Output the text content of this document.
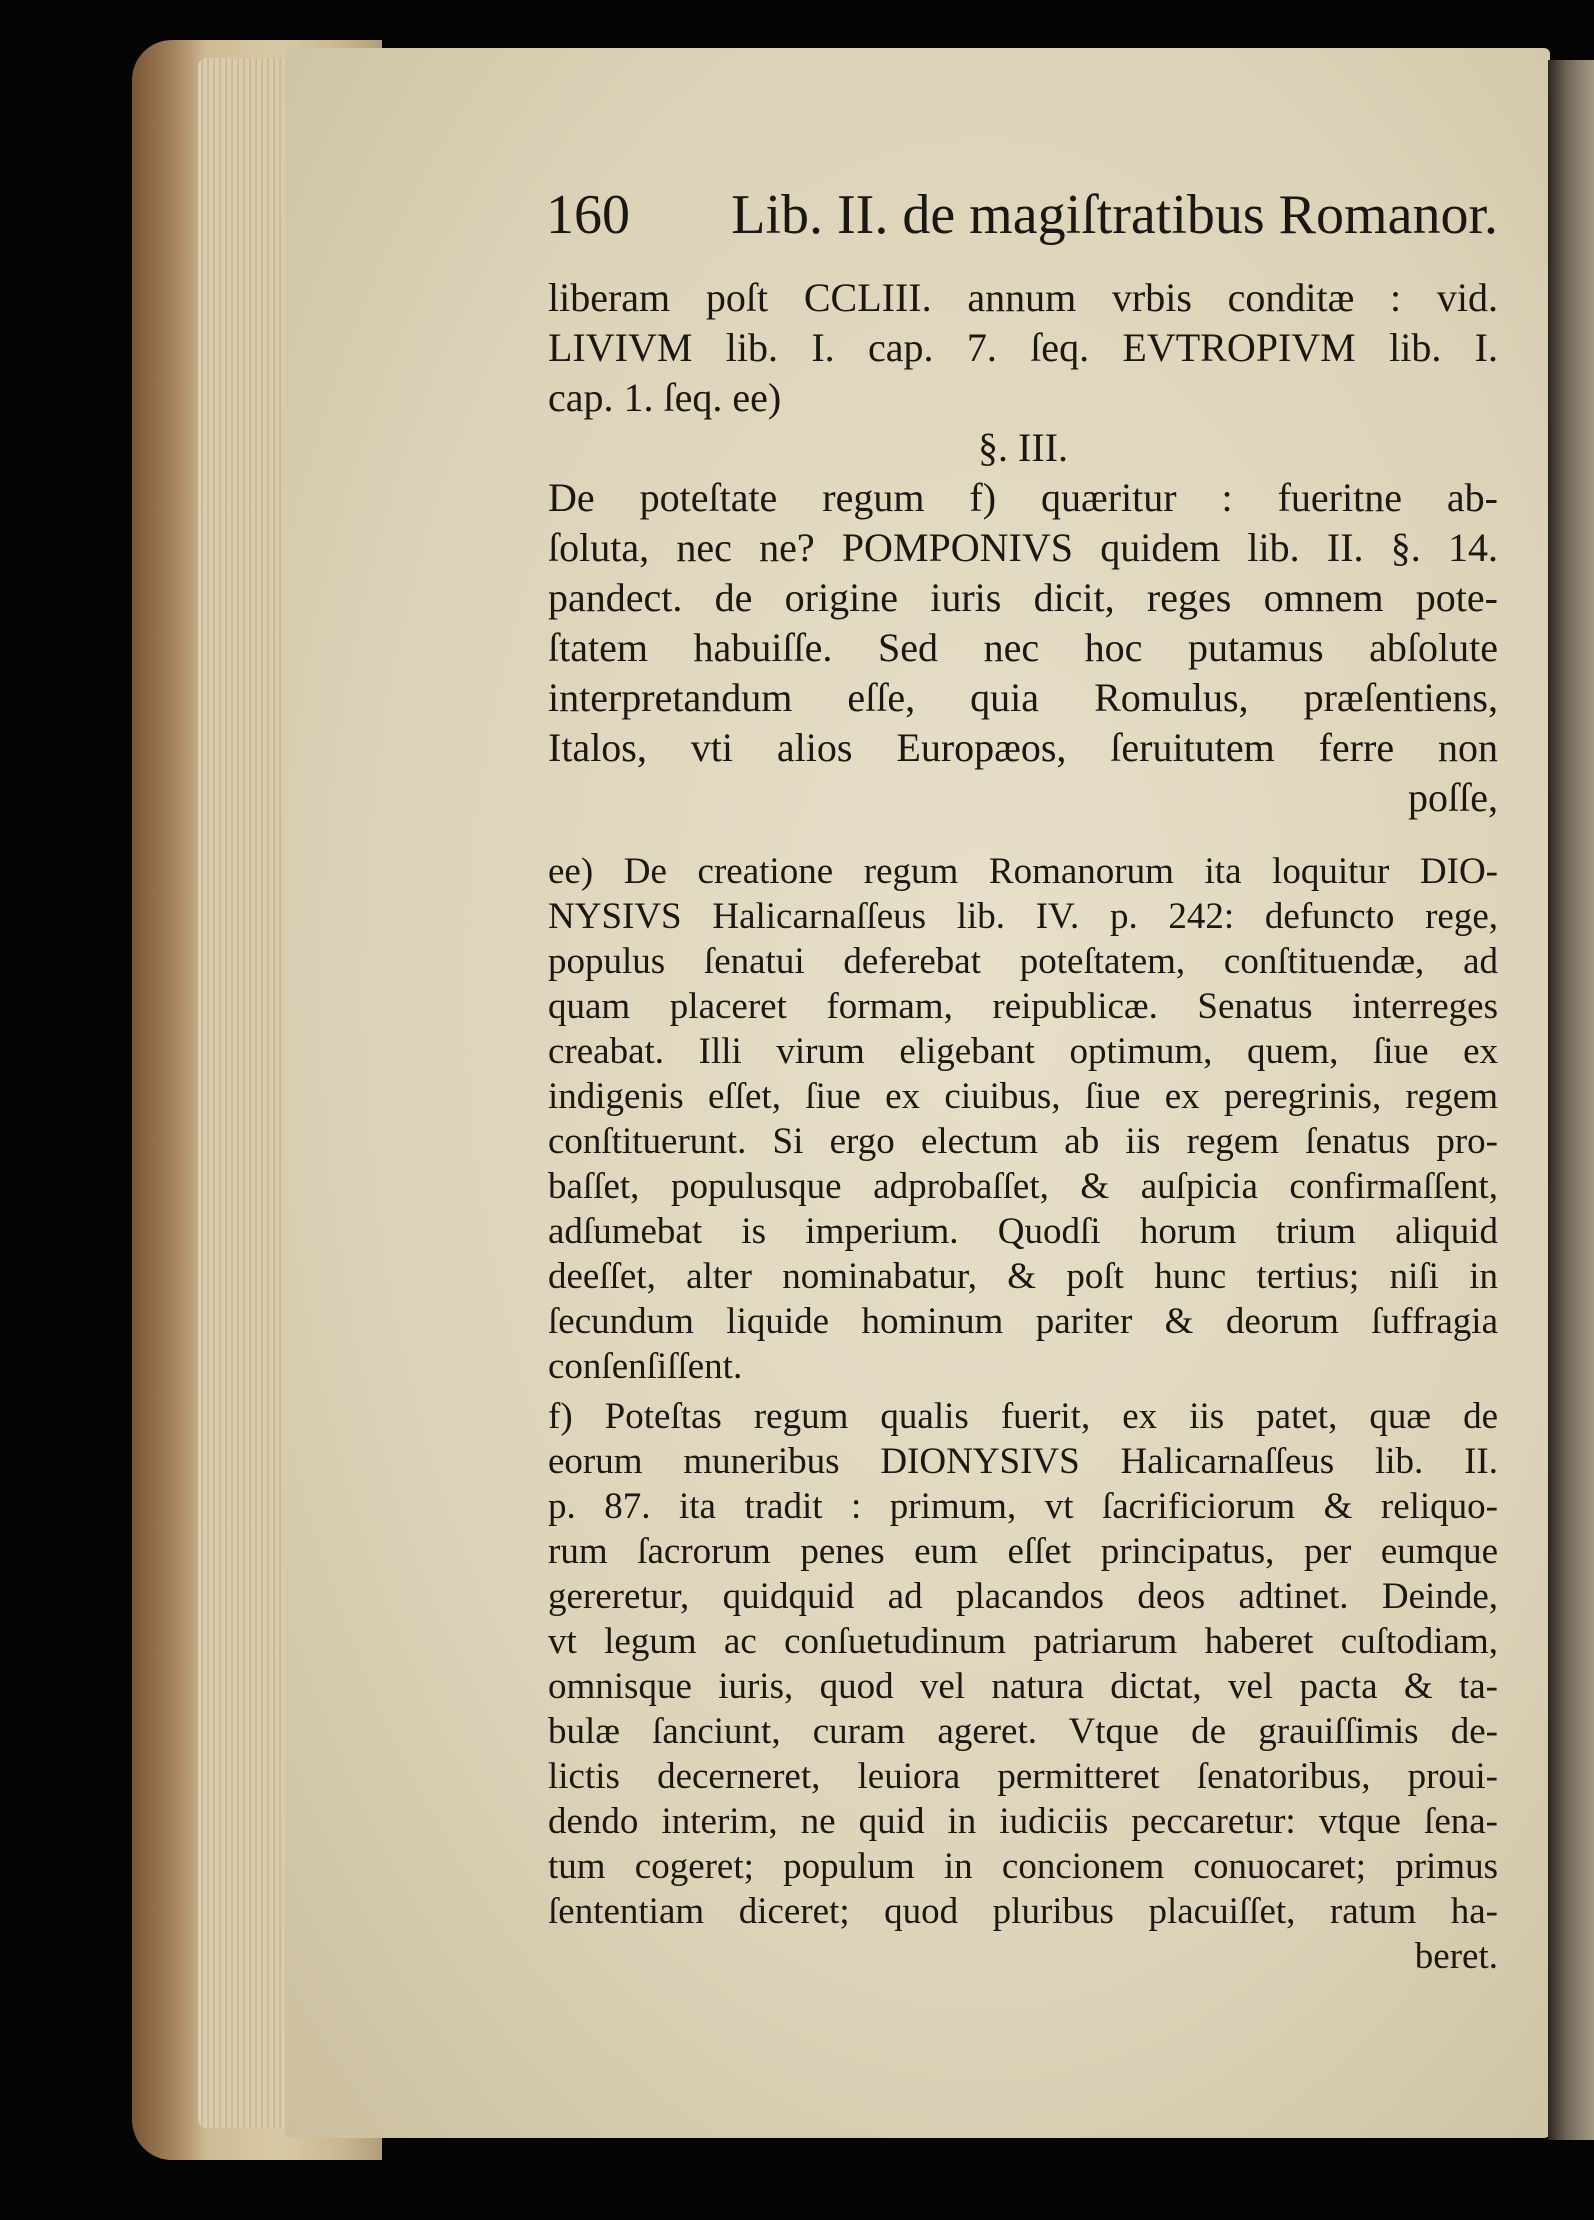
160 Lib. II. de magiſtratibus Romanor.
liberam poſt CCLIII. annum vrbis conditæ : vid.
LIVIVM lib. I. cap. 7. ſeq. EVTROPIVM lib. I.
cap. 1. ſeq. ee)
§. III.
De poteſtate regum f) quæritur : fueritne ab-
ſoluta, nec ne? POMPONIVS quidem lib. II. §. 14.
pandect. de origine iuris dicit, reges omnem pote-
ſtatem habuiſſe. Sed nec hoc putamus abſolute
interpretandum eſſe, quia Romulus, præſentiens,
Italos, vti alios Europæos, ſeruitutem ferre non
poſſe,
ee) De creatione regum Romanorum ita loquitur DIO-
NYSIVS Halicarnaſſeus lib. IV. p. 242: defuncto rege,
populus ſenatui deferebat poteſtatem, conſtituendæ, ad
quam placeret formam, reipublicæ. Senatus interreges
creabat. Illi virum eligebant optimum, quem, ſiue ex
indigenis eſſet, ſiue ex ciuibus, ſiue ex peregrinis, regem
conſtituerunt. Si ergo electum ab iis regem ſenatus pro-
baſſet, populusque adprobaſſet, & auſpicia confirmaſſent,
adſumebat is imperium. Quodſi horum trium aliquid
deeſſet, alter nominabatur, & poſt hunc tertius; niſi in
ſecundum liquide hominum pariter & deorum ſuffragia
conſenſiſſent.
f) Poteſtas regum qualis fuerit, ex iis patet, quæ de
eorum muneribus DIONYSIVS Halicarnaſſeus lib. II.
p. 87. ita tradit : primum, vt ſacrificiorum & reliquo-
rum ſacrorum penes eum eſſet principatus, per eumque
gereretur, quidquid ad placandos deos adtinet. Deinde,
vt legum ac conſuetudinum patriarum haberet cuſtodiam,
omnisque iuris, quod vel natura dictat, vel pacta & ta-
bulæ ſanciunt, curam ageret. Vtque de grauiſſimis de-
lictis decerneret, leuiora permitteret ſenatoribus, proui-
dendo interim, ne quid in iudiciis peccaretur: vtque ſena-
tum cogeret; populum in concionem conuocaret; primus
ſententiam diceret; quod pluribus placuiſſet, ratum ha-
beret.
